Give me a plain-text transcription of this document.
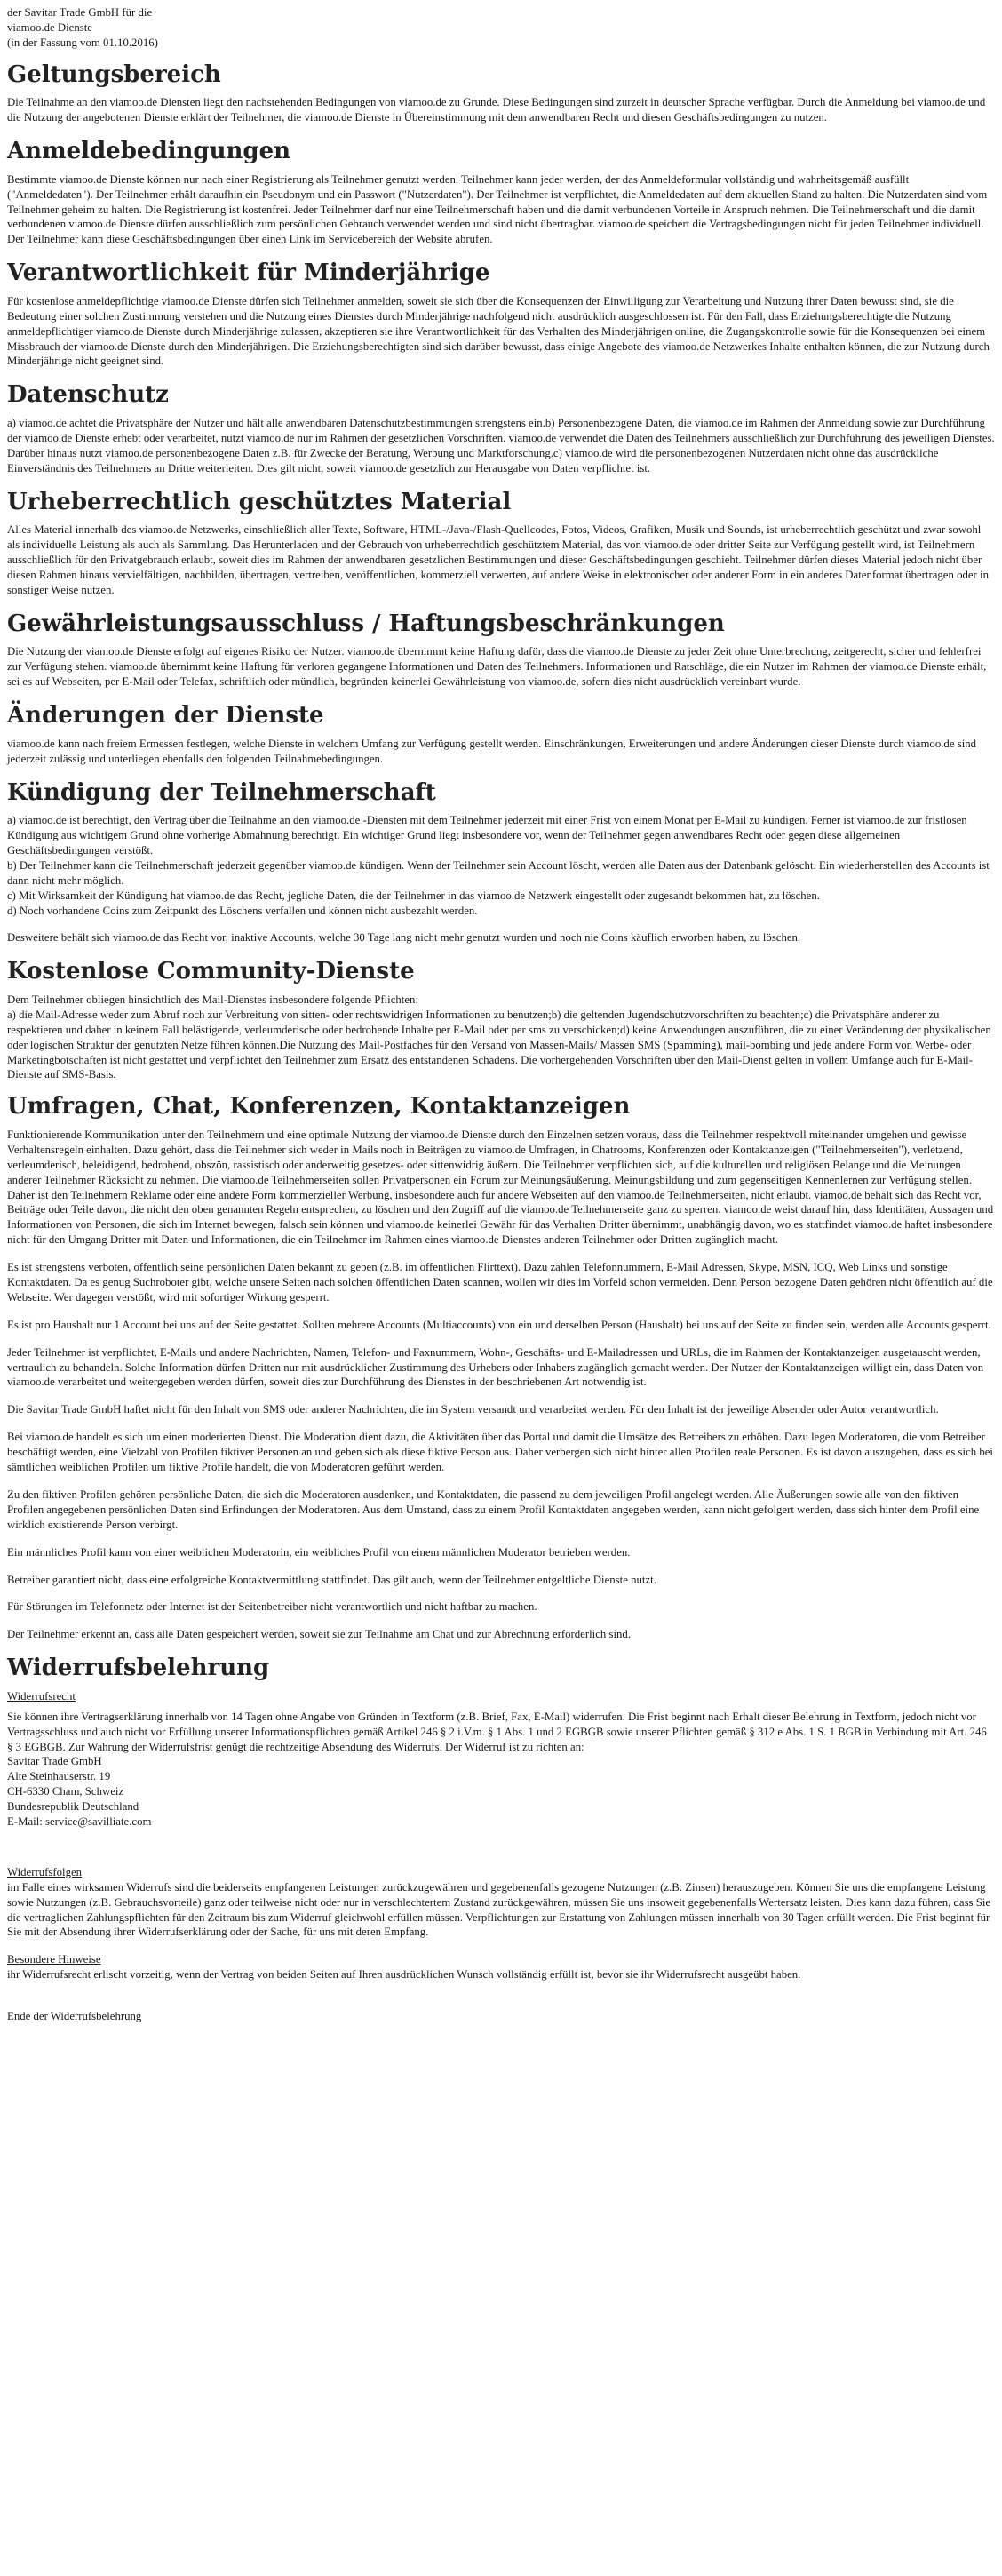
der Savitar Trade GmbH für die
viamoo.de Dienste
(in der Fassung vom 01.10.2016)
Geltungsbereich

Die Teilnahme an den viamoo.de Diensten liegt den nachstehenden Bedingungen von viamoo.de zu Grunde. Diese Bedingungen sind zurzeit in deutscher Sprache verfügbar. Durch die Anmeldung bei viamoo.de und die Nutzung der angebotenen Dienste erklärt der Teilnehmer, die viamoo.de Dienste in Übereinstimmung mit dem anwendbaren Recht und diesen Geschäftsbedingungen zu nutzen.

Anmeldebedingungen

Bestimmte viamoo.de Dienste können nur nach einer Registrierung als Teilnehmer genutzt werden. Teilnehmer kann jeder werden, der das Anmeldeformular vollständig und wahrheitsgemäß ausfüllt ("Anmeldedaten"). Der Teilnehmer erhält daraufhin ein Pseudonym und ein Passwort ("Nutzerdaten"). Der Teilnehmer ist verpflichtet, die Anmeldedaten auf dem aktuellen Stand zu halten. Die Nutzerdaten sind vom Teilnehmer geheim zu halten. Die Registrierung ist kostenfrei. Jeder Teilnehmer darf nur eine Teilnehmerschaft haben und die damit verbundenen Vorteile in Anspruch nehmen. Die Teilnehmerschaft und die damit verbundenen viamoo.de Dienste dürfen ausschließlich zum persönlichen Gebrauch verwendet werden und sind nicht übertragbar. viamoo.de speichert die Vertragsbedingungen nicht für jeden Teilnehmer individuell. Der Teilnehmer kann diese Geschäftsbedingungen über einen Link im Servicebereich der Website abrufen.

Verantwortlichkeit für Minderjährige

Für kostenlose anmeldepflichtige viamoo.de Dienste dürfen sich Teilnehmer anmelden, soweit sie sich über die Konsequenzen der Einwilligung zur Verarbeitung und Nutzung ihrer Daten bewusst sind, sie die Bedeutung einer solchen Zustimmung verstehen und die Nutzung eines Dienstes durch Minderjährige nachfolgend nicht ausdrücklich ausgeschlossen ist. Für den Fall, dass Erziehungsberechtigte die Nutzung anmeldepflichtiger viamoo.de Dienste durch Minderjährige zulassen, akzeptieren sie ihre Verantwortlichkeit für das Verhalten des Minderjährigen online, die Zugangskontrolle sowie für die Konsequenzen bei einem Missbrauch der viamoo.de Dienste durch den Minderjährigen. Die Erziehungsberechtigten sind sich darüber bewusst, dass einige Angebote des viamoo.de Netzwerkes Inhalte enthalten können, die zur Nutzung durch Minderjährige nicht geeignet sind.

Datenschutz

a) viamoo.de achtet die Privatsphäre der Nutzer und hält alle anwendbaren Datenschutzbestimmungen strengstens ein.b) Personenbezogene Daten, die viamoo.de im Rahmen der Anmeldung sowie zur Durchführung der viamoo.de Dienste erhebt oder verarbeitet, nutzt viamoo.de nur im Rahmen der gesetzlichen Vorschriften. viamoo.de verwendet die Daten des Teilnehmers ausschließlich zur Durchführung des jeweiligen Dienstes. Darüber hinaus nutzt viamoo.de personenbezogene Daten z.B. für Zwecke der Beratung, Werbung und Marktforschung.c) viamoo.de wird die personenbezogenen Nutzerdaten nicht ohne das ausdrückliche Einverständnis des Teilnehmers an Dritte weiterleiten. Dies gilt nicht, soweit viamoo.de gesetzlich zur Herausgabe von Daten verpflichtet ist.

Urheberrechtlich geschütztes Material

Alles Material innerhalb des viamoo.de Netzwerks, einschließlich aller Texte, Software, HTML-/Java-/Flash-Quellcodes, Fotos, Videos, Grafiken, Musik und Sounds, ist urheberrechtlich geschützt und zwar sowohl als individuelle Leistung als auch als Sammlung. Das Herunterladen und der Gebrauch von urheberrechtlich geschütztem Material, das von viamoo.de oder dritter Seite zur Verfügung gestellt wird, ist Teilnehmern ausschließlich für den Privatgebrauch erlaubt, soweit dies im Rahmen der anwendbaren gesetzlichen Bestimmungen und dieser Geschäftsbedingungen geschieht. Teilnehmer dürfen dieses Material jedoch nicht über diesen Rahmen hinaus vervielfältigen, nachbilden, übertragen, vertreiben, veröffentlichen, kommerziell verwerten, auf andere Weise in elektronischer oder anderer Form in ein anderes Datenformat übertragen oder in sonstiger Weise nutzen.

Gewährleistungsausschluss / Haftungsbeschränkungen

Die Nutzung der viamoo.de Dienste erfolgt auf eigenes Risiko der Nutzer. viamoo.de übernimmt keine Haftung dafür, dass die viamoo.de Dienste zu jeder Zeit ohne Unterbrechung, zeitgerecht, sicher und fehlerfrei zur Verfügung stehen. viamoo.de übernimmt keine Haftung für verloren gegangene Informationen und Daten des Teilnehmers. Informationen und Ratschläge, die ein Nutzer im Rahmen der viamoo.de Dienste erhält, sei es auf Webseiten, per E-Mail oder Telefax, schriftlich oder mündlich, begründen keinerlei Gewährleistung von viamoo.de, sofern dies nicht ausdrücklich vereinbart wurde.

Änderungen der Dienste

viamoo.de kann nach freiem Ermessen festlegen, welche Dienste in welchem Umfang zur Verfügung gestellt werden. Einschränkungen, Erweiterungen und andere Änderungen dieser Dienste durch viamoo.de sind jederzeit zulässig und unterliegen ebenfalls den folgenden Teilnahmebedingungen.

Kündigung der Teilnehmerschaft

a) viamoo.de ist berechtigt, den Vertrag über die Teilnahme an den viamoo.de -Diensten mit dem Teilnehmer jederzeit mit einer Frist von einem Monat per E-Mail zu kündigen. Ferner ist viamoo.de zur fristlosen Kündigung aus wichtigem Grund ohne vorherige Abmahnung berechtigt. Ein wichtiger Grund liegt insbesondere vor, wenn der Teilnehmer gegen anwendbares Recht oder gegen diese allgemeinen Geschäftsbedingungen verstößt.

b) Der Teilnehmer kann die Teilnehmerschaft jederzeit gegenüber viamoo.de kündigen. Wenn der Teilnehmer sein Account löscht, werden alle Daten aus der Datenbank gelöscht. Ein wiederherstellen des Accounts ist dann nicht mehr möglich.

c) Mit Wirksamkeit der Kündigung hat viamoo.de das Recht, jegliche Daten, die der Teilnehmer in das viamoo.de Netzwerk eingestellt oder zugesandt bekommen hat, zu löschen.

d) Noch vorhandene Coins zum Zeitpunkt des Löschens verfallen und können nicht ausbezahlt werden.

Desweitere behält sich viamoo.de das Recht vor, inaktive Accounts, welche 30 Tage lang nicht mehr genutzt wurden und noch nie Coins käuflich erworben haben, zu löschen.

Kostenlose Community-Dienste

Dem Teilnehmer obliegen hinsichtlich des Mail-Dienstes insbesondere folgende Pflichten:

a) die Mail-Adresse weder zum Abruf noch zur Verbreitung von sitten- oder rechtswidrigen Informationen zu benutzen;b) die geltenden Jugendschutzvorschriften zu beachten;c) die Privatsphäre anderer zu respektieren und daher in keinem Fall belästigende, verleumderische oder bedrohende Inhalte per E-Mail oder per sms zu verschicken;d) keine Anwendungen auszuführen, die zu einer Veränderung der physikalischen oder logischen Struktur der genutzten Netze führen können.Die Nutzung des Mail-Postfaches für den Versand von Massen-Mails/ Massen SMS (Spamming), mail-bombing und jede andere Form von Werbe- oder Marketingbotschaften ist nicht gestattet und verpflichtet den Teilnehmer zum Ersatz des entstandenen Schadens. Die vorhergehenden Vorschriften über den Mail-Dienst gelten in vollem Umfange auch für E-Mail-Dienste auf SMS-Basis.

Umfragen, Chat, Konferenzen, Kontaktanzeigen

Funktionierende Kommunikation unter den Teilnehmern und eine optimale Nutzung der viamoo.de Dienste durch den Einzelnen setzen voraus, dass die Teilnehmer respektvoll miteinander umgehen und gewisse Verhaltensregeln einhalten. Dazu gehört, dass die Teilnehmer sich weder in Mails noch in Beiträgen zu viamoo.de Umfragen, in Chatrooms, Konferenzen oder Kontaktanzeigen ("Teilnehmerseiten"), verletzend, verleumderisch, beleidigend, bedrohend, obszön, rassistisch oder anderweitig gesetzes- oder sittenwidrig äußern. Die Teilnehmer verpflichten sich, auf die kulturellen und religiösen Belange und die Meinungen anderer Teilnehmer Rücksicht zu nehmen. Die viamoo.de Teilnehmerseiten sollen Privatpersonen ein Forum zur Meinungsäußerung, Meinungsbildung und zum gegenseitigen Kennenlernen zur Verfügung stellen. Daher ist den Teilnehmern Reklame oder eine andere Form kommerzieller Werbung, insbesondere auch für andere Webseiten auf den viamoo.de Teilnehmerseiten, nicht erlaubt. viamoo.de behält sich das Recht vor, Beiträge oder Teile davon, die nicht den oben genannten Regeln entsprechen, zu löschen und den Zugriff auf die viamoo.de Teilnehmerseite ganz zu sperren. viamoo.de weist darauf hin, dass Identitäten, Aussagen und Informationen von Personen, die sich im Internet bewegen, falsch sein können und viamoo.de keinerlei Gewähr für das Verhalten Dritter übernimmt, unabhängig davon, wo es stattfindet viamoo.de haftet insbesondere nicht für den Umgang Dritter mit Daten und Informationen, die ein Teilnehmer im Rahmen eines viamoo.de Dienstes anderen Teilnehmer oder Dritten zugänglich macht.

Es ist strengstens verboten, öffentlich seine persönlichen Daten bekannt zu geben (z.B. im öffentlichen Flirttext). Dazu zählen Telefonnummern, E-Mail Adressen, Skype, MSN, ICQ, Web Links und sonstige Kontaktdaten. Da es genug Suchroboter gibt, welche unsere Seiten nach solchen öffentlichen Daten scannen, wollen wir dies im Vorfeld schon vermeiden. Denn Person bezogene Daten gehören nicht öffentlich auf die Webseite. Wer dagegen verstößt, wird mit sofortiger Wirkung gesperrt.

Es ist pro Haushalt nur 1 Account bei uns auf der Seite gestattet. Sollten mehrere Accounts (Multiaccounts) von ein und derselben Person (Haushalt) bei uns auf der Seite zu finden sein, werden alle Accounts gesperrt.

Jeder Teilnehmer ist verpflichtet, E-Mails und andere Nachrichten, Namen, Telefon- und Faxnummern, Wohn-, Geschäfts- und E-Mailadressen und URLs, die im Rahmen der Kontaktanzeigen ausgetauscht werden, vertraulich zu behandeln. Solche Information dürfen Dritten nur mit ausdrücklicher Zustimmung des Urhebers oder Inhabers zugänglich gemacht werden. Der Nutzer der Kontaktanzeigen willigt ein, dass Daten von viamoo.de verarbeitet und weitergegeben werden dürfen, soweit dies zur Durchführung des Dienstes in der beschriebenen Art notwendig ist.

Die Savitar Trade GmbH haftet nicht für den Inhalt von SMS oder anderer Nachrichten, die im System versandt und verarbeitet werden. Für den Inhalt ist der jeweilige Absender oder Autor verantwortlich.

Bei viamoo.de handelt es sich um einen moderierten Dienst. Die Moderation dient dazu, die Aktivitäten über das Portal und damit die Umsätze des Betreibers zu erhöhen. Dazu legen Moderatoren, die vom Betreiber beschäftigt werden, eine Vielzahl von Profilen fiktiver Personen an und geben sich als diese fiktive Person aus. Daher verbergen sich nicht hinter allen Profilen reale Personen. Es ist davon auszugehen, dass es sich bei sämtlichen weiblichen Profilen um fiktive Profile handelt, die von Moderatoren geführt werden.

Zu den fiktiven Profilen gehören persönliche Daten, die sich die Moderatoren ausdenken, und Kontaktdaten, die passend zu dem jeweiligen Profil angelegt werden. Alle Äußerungen sowie alle von den fiktiven Profilen angegebenen persönlichen Daten sind Erfindungen der Moderatoren. Aus dem Umstand, dass zu einem Profil Kontaktdaten angegeben werden, kann nicht gefolgert werden, dass sich hinter dem Profil eine wirklich existierende Person verbirgt.

Ein männliches Profil kann von einer weiblichen Moderatorin, ein weibliches Profil von einem männlichen Moderator betrieben werden.

Betreiber garantiert nicht, dass eine erfolgreiche Kontaktvermittlung stattfindet. Das gilt auch, wenn der Teilnehmer entgeltliche Dienste nutzt.

Für Störungen im Telefonnetz oder Internet ist der Seitenbetreiber nicht verantwortlich und nicht haftbar zu machen.

Der Teilnehmer erkennt an, dass alle Daten gespeichert werden, soweit sie zur Teilnahme am Chat und zur Abrechnung erforderlich sind.

Widerrufsbelehrung

Widerrufsrecht

Sie können ihre Vertragserklärung innerhalb von 14 Tagen ohne Angabe von Gründen in Textform (z.B. Brief, Fax, E-Mail) widerrufen. Die Frist beginnt nach Erhalt dieser Belehrung in Textform, jedoch nicht vor Vertragsschluss und auch nicht vor Erfüllung unserer Informationspflichten gemäß Artikel 246 § 2 i.V.m. § 1 Abs. 1 und 2 EGBGB sowie unserer Pflichten gemäß § 312 e Abs. 1 S. 1 BGB in Verbindung mit Art. 246 § 3 EGBGB. Zur Wahrung der Widerrufsfrist genügt die rechtzeitige Absendung des Widerrufs. Der Widerruf ist zu richten an:

Savitar Trade GmbH

Alte Steinhauserstr. 19

CH-6330 Cham, Schweiz

Bundesrepublik Deutschland

E-Mail: service@savilliate.com

Widerrufsfolgen

im Falle eines wirksamen Widerrufs sind die beiderseits empfangenen Leistungen zurückzugewähren und gegebenenfalls gezogene Nutzungen (z.B. Zinsen) herauszugeben. Können Sie uns die empfangene Leistung sowie Nutzungen (z.B. Gebrauchsvorteile) ganz oder teilweise nicht oder nur in verschlechtertem Zustand zurückgewähren, müssen Sie uns insoweit gegebenenfalls Wertersatz leisten. Dies kann dazu führen, dass Sie die vertraglichen Zahlungspflichten für den Zeitraum bis zum Widerruf gleichwohl erfüllen müssen. Verpflichtungen zur Erstattung von Zahlungen müssen innerhalb von 30 Tagen erfüllt werden. Die Frist beginnt für Sie mit der Absendung ihrer Widerrufserklärung oder der Sache, für uns mit deren Empfang.

Besondere Hinweise

ihr Widerrufsrecht erlischt vorzeitig, wenn der Vertrag von beiden Seiten auf Ihren ausdrücklichen Wunsch vollständig erfüllt ist, bevor sie ihr Widerrufsrecht ausgeübt haben.

Ende der Widerrufsbelehrung
